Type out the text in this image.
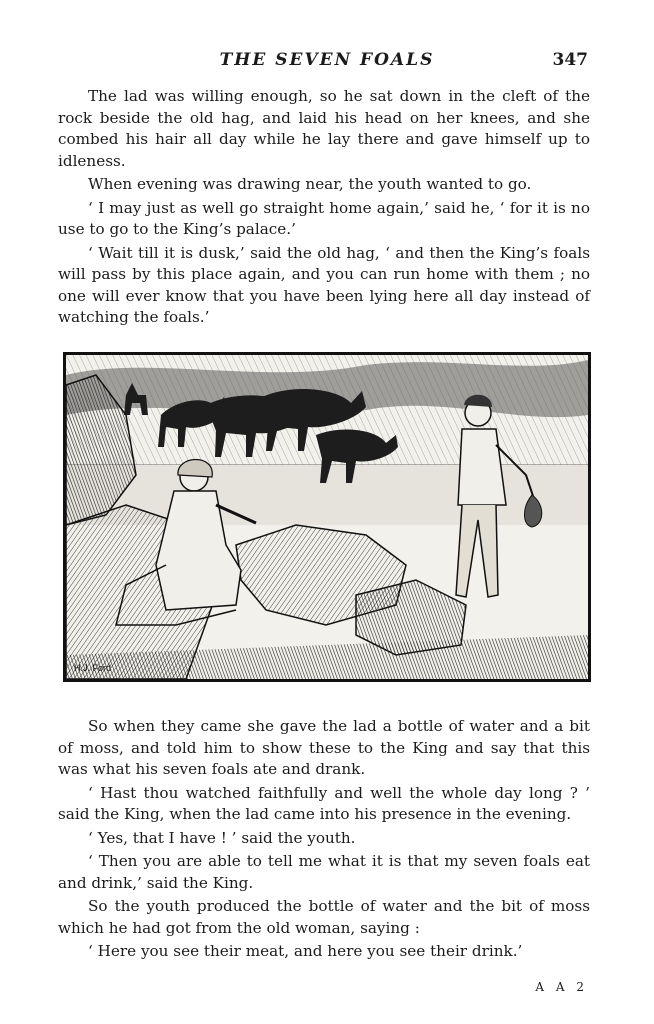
THE SEVEN FOALS	347

The lad was willing enough, so he sat down in the cleft of the rock beside the old hag, and laid his head on her knees, and she combed his hair all day while he lay there and gave himself up to idleness.

When evening was drawing near, the youth wanted to go.

‘ I may just as well go straight home again,’ said he, ‘ for it is no use to go to the King’s palace.’

‘ Wait till it is dusk,’ said the old hag, ‘ and then the King’s foals will pass by this place again, and you can run home with them ; no one will ever know that you have been lying here all day instead of watching the foals.’

H.J. Ford

So when they came she gave the lad a bottle of water and a bit of moss, and told him to show these to the King and say that this was what his seven foals ate and drank.

‘ Hast thou watched faithfully and well the whole day long ? ’ said the King, when the lad came into his presence in the evening.

‘ Yes, that I have ! ’ said the youth.

‘ Then you are able to tell me what it is that my seven foals eat and drink,’ said the King.

So the youth produced the bottle of water and the bit of moss which he had got from the old woman, saying :

‘ Here you see their meat, and here you see their drink.’

A A 2
